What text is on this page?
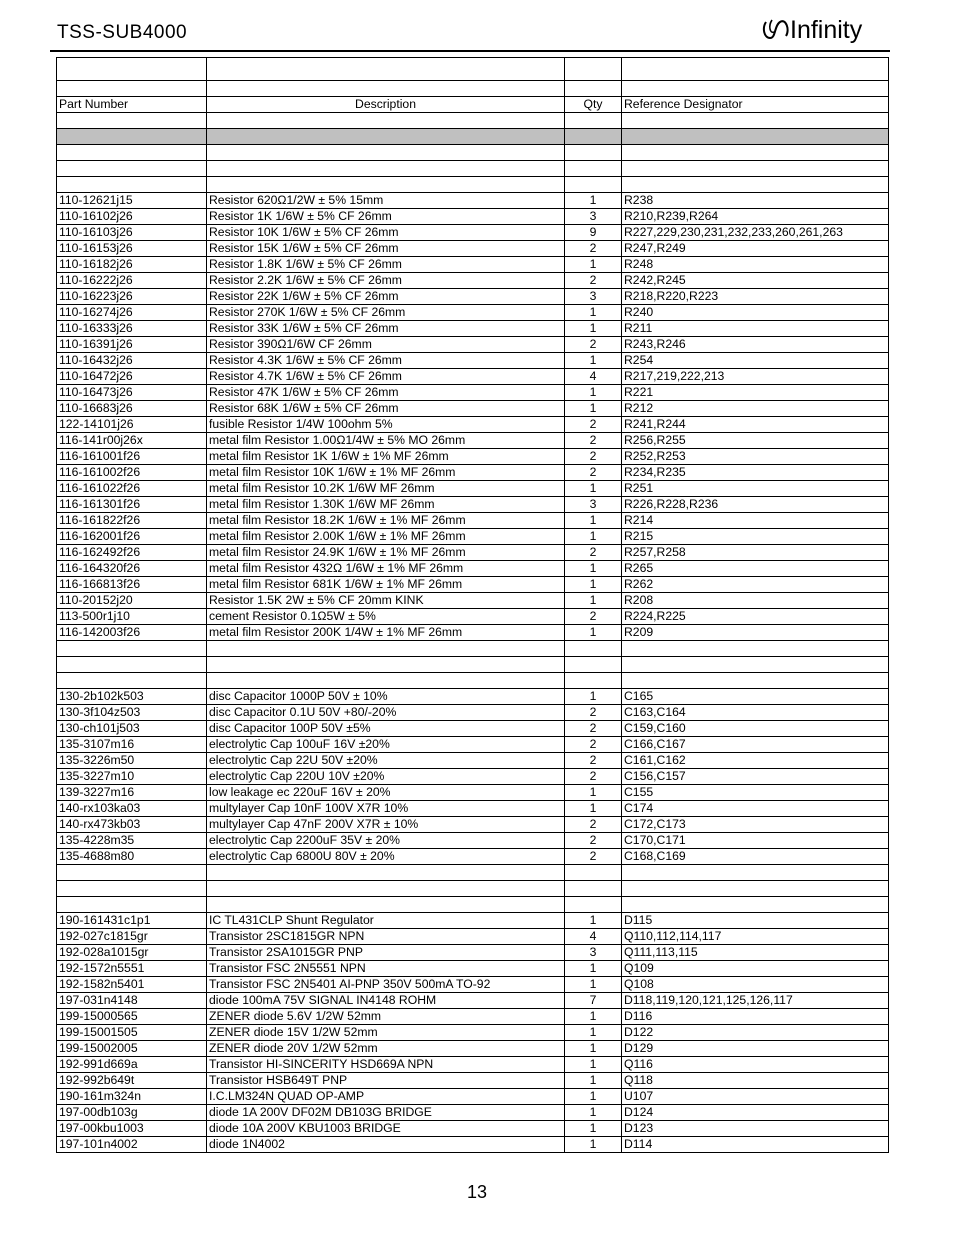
TSS-SUB4000	Infinity

Part Number	Description	Qty	Reference Designator

110-12621j15	Resistor 620Ω1/2W ± 5% 15mm	1	R238
110-16102j26	Resistor 1K 1/6W ± 5% CF 26mm	3	R210,R239,R264
110-16103j26	Resistor 10K 1/6W ± 5% CF 26mm	9	R227,229,230,231,232,233,260,261,263
110-16153j26	Resistor 15K 1/6W ± 5% CF 26mm	2	R247,R249
110-16182j26	Resistor 1.8K 1/6W ± 5% CF 26mm	1	R248
110-16222j26	Resistor 2.2K 1/6W ± 5% CF 26mm	2	R242,R245
110-16223j26	Resistor 22K 1/6W ± 5% CF 26mm	3	R218,R220,R223
110-16274j26	Resistor 270K 1/6W ± 5% CF 26mm	1	R240
110-16333j26	Resistor 33K 1/6W ± 5% CF 26mm	1	R211
110-16391j26	Resistor 390Ω1/6W CF 26mm	2	R243,R246
110-16432j26	Resistor 4.3K 1/6W ± 5% CF 26mm	1	R254
110-16472j26	Resistor 4.7K 1/6W ± 5% CF 26mm	4	R217,219,222,213
110-16473j26	Resistor 47K 1/6W ± 5% CF 26mm	1	R221
110-16683j26	Resistor 68K 1/6W ± 5% CF 26mm	1	R212
122-14101j26	fusible Resistor 1/4W 100ohm 5%	2	R241,R244
116-141r00j26x	metal film Resistor 1.00Ω1/4W ± 5% MO 26mm	2	R256,R255
116-161001f26	metal film Resistor 1K 1/6W ± 1% MF 26mm	2	R252,R253
116-161002f26	metal film Resistor 10K 1/6W ± 1% MF 26mm	2	R234,R235
116-161022f26	metal film Resistor 10.2K 1/6W MF 26mm	1	R251
116-161301f26	metal film Resistor 1.30K 1/6W MF 26mm	3	R226,R228,R236
116-161822f26	metal film Resistor 18.2K 1/6W ± 1% MF 26mm	1	R214
116-162001f26	metal film Resistor 2.00K 1/6W ± 1% MF 26mm	1	R215
116-162492f26	metal film Resistor 24.9K 1/6W ± 1% MF 26mm	2	R257,R258
116-164320f26	metal film Resistor 432Ω 1/6W ± 1% MF 26mm	1	R265
116-166813f26	metal film Resistor 681K 1/6W ± 1% MF 26mm	1	R262
110-20152j20	Resistor 1.5K 2W ± 5% CF 20mm KINK	1	R208
113-500r1j10	cement Resistor 0.1Ω5W ± 5%	2	R224,R225
116-142003f26	metal film Resistor 200K 1/4W ± 1% MF 26mm	1	R209

130-2b102k503	disc Capacitor 1000P 50V ± 10%	1	C165
130-3f104z503	disc Capacitor 0.1U 50V +80/-20%	2	C163,C164
130-ch101j503	disc Capacitor 100P 50V ±5%	2	C159,C160
135-3107m16	electrolytic Cap 100uF 16V ±20%	2	C166,C167
135-3226m50	electrolytic Cap 22U 50V ±20%	2	C161,C162
135-3227m10	electrolytic Cap 220U 10V ±20%	2	C156,C157
139-3227m16	low leakage ec 220uF 16V ± 20%	1	C155
140-rx103ka03	multylayer Cap 10nF 100V X7R 10%	1	C174
140-rx473kb03	multylayer Cap 47nF 200V X7R ± 10%	2	C172,C173
135-4228m35	electrolytic Cap 2200uF 35V ± 20%	2	C170,C171
135-4688m80	electrolytic Cap 6800U 80V ± 20%	2	C168,C169

190-161431c1p1	IC TL431CLP Shunt Regulator	1	D115
192-027c1815gr	Transistor 2SC1815GR NPN	4	Q110,112,114,117
192-028a1015gr	Transistor 2SA1015GR PNP	3	Q111,113,115
192-1572n5551	Transistor FSC 2N5551 NPN	1	Q109
192-1582n5401	Transistor FSC 2N5401 AI-PNP 350V 500mA TO-92	1	Q108
197-031n4148	diode 100mA 75V SIGNAL IN4148 ROHM	7	D118,119,120,121,125,126,117
199-15000565	ZENER diode 5.6V 1/2W 52mm	1	D116
199-15001505	ZENER diode 15V 1/2W 52mm	1	D122
199-15002005	ZENER diode 20V 1/2W 52mm	1	D129
192-991d669a	Transistor HI-SINCERITY HSD669A NPN	1	Q116
192-992b649t	Transistor HSB649T PNP	1	Q118
190-161m324n	I.C.LM324N QUAD OP-AMP	1	U107
197-00db103g	diode 1A 200V DF02M DB103G BRIDGE	1	D124
197-00kbu1003	diode 10A 200V KBU1003 BRIDGE	1	D123
197-101n4002	diode 1N4002	1	D114
13
